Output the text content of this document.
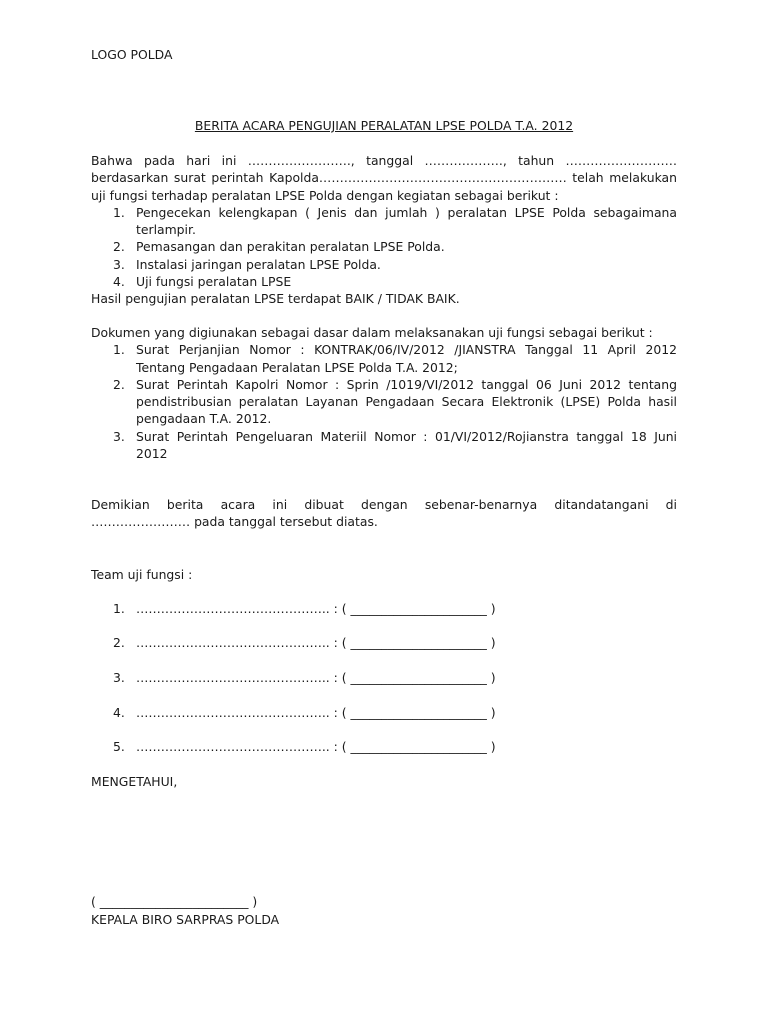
LOGO POLDA
BERITA ACARA PENGUJIAN PERALATAN LPSE POLDA T.A. 2012
Bahwa pada hari ini ……………………., tanggal ………………., tahun ………………………
berdasarkan surat perintah Kapolda…………………………………………………… telah melakukan
uji fungsi terhadap peralatan LPSE Polda dengan kegiatan sebagai berikut :
1. Pengecekan kelengkapan ( Jenis dan jumlah ) peralatan LPSE Polda sebagaimana terlampir.
2. Pemasangan dan perakitan peralatan LPSE Polda.
3. Instalasi jaringan peralatan LPSE Polda.
4. Uji fungsi peralatan LPSE
Hasil pengujian peralatan LPSE terdapat BAIK / TIDAK BAIK.
Dokumen yang digiunakan sebagai dasar dalam melaksanakan uji fungsi sebagai berikut :
1. Surat Perjanjian Nomor : KONTRAK/06/IV/2012 /JIANSTRA Tanggal 11 April 2012 Tentang Pengadaan Peralatan LPSE Polda T.A. 2012;
2. Surat Perintah Kapolri Nomor : Sprin /1019/VI/2012 tanggal 06 Juni 2012 tentang pendistribusian peralatan Layanan Pengadaan Secara Elektronik (LPSE) Polda hasil pengadaan T.A. 2012.
3. Surat Perintah Pengeluaran Materiil Nomor : 01/VI/2012/Rojianstra tanggal 18 Juni 2012
Demikian berita acara ini dibuat dengan sebenar-benarnya ditandatangani di
…………………… pada tanggal tersebut diatas.
Team uji fungsi :
1. ……………………………………….. : ( ______________________ )
2. ……………………………………….. : ( ______________________ )
3. ……………………………………….. : ( ______________________ )
4. ……………………………………….. : ( ______________________ )
5. ……………………………………….. : ( ______________________ )
MENGETAHUI,
( ________________________ )
KEPALA BIRO SARPRAS POLDA
